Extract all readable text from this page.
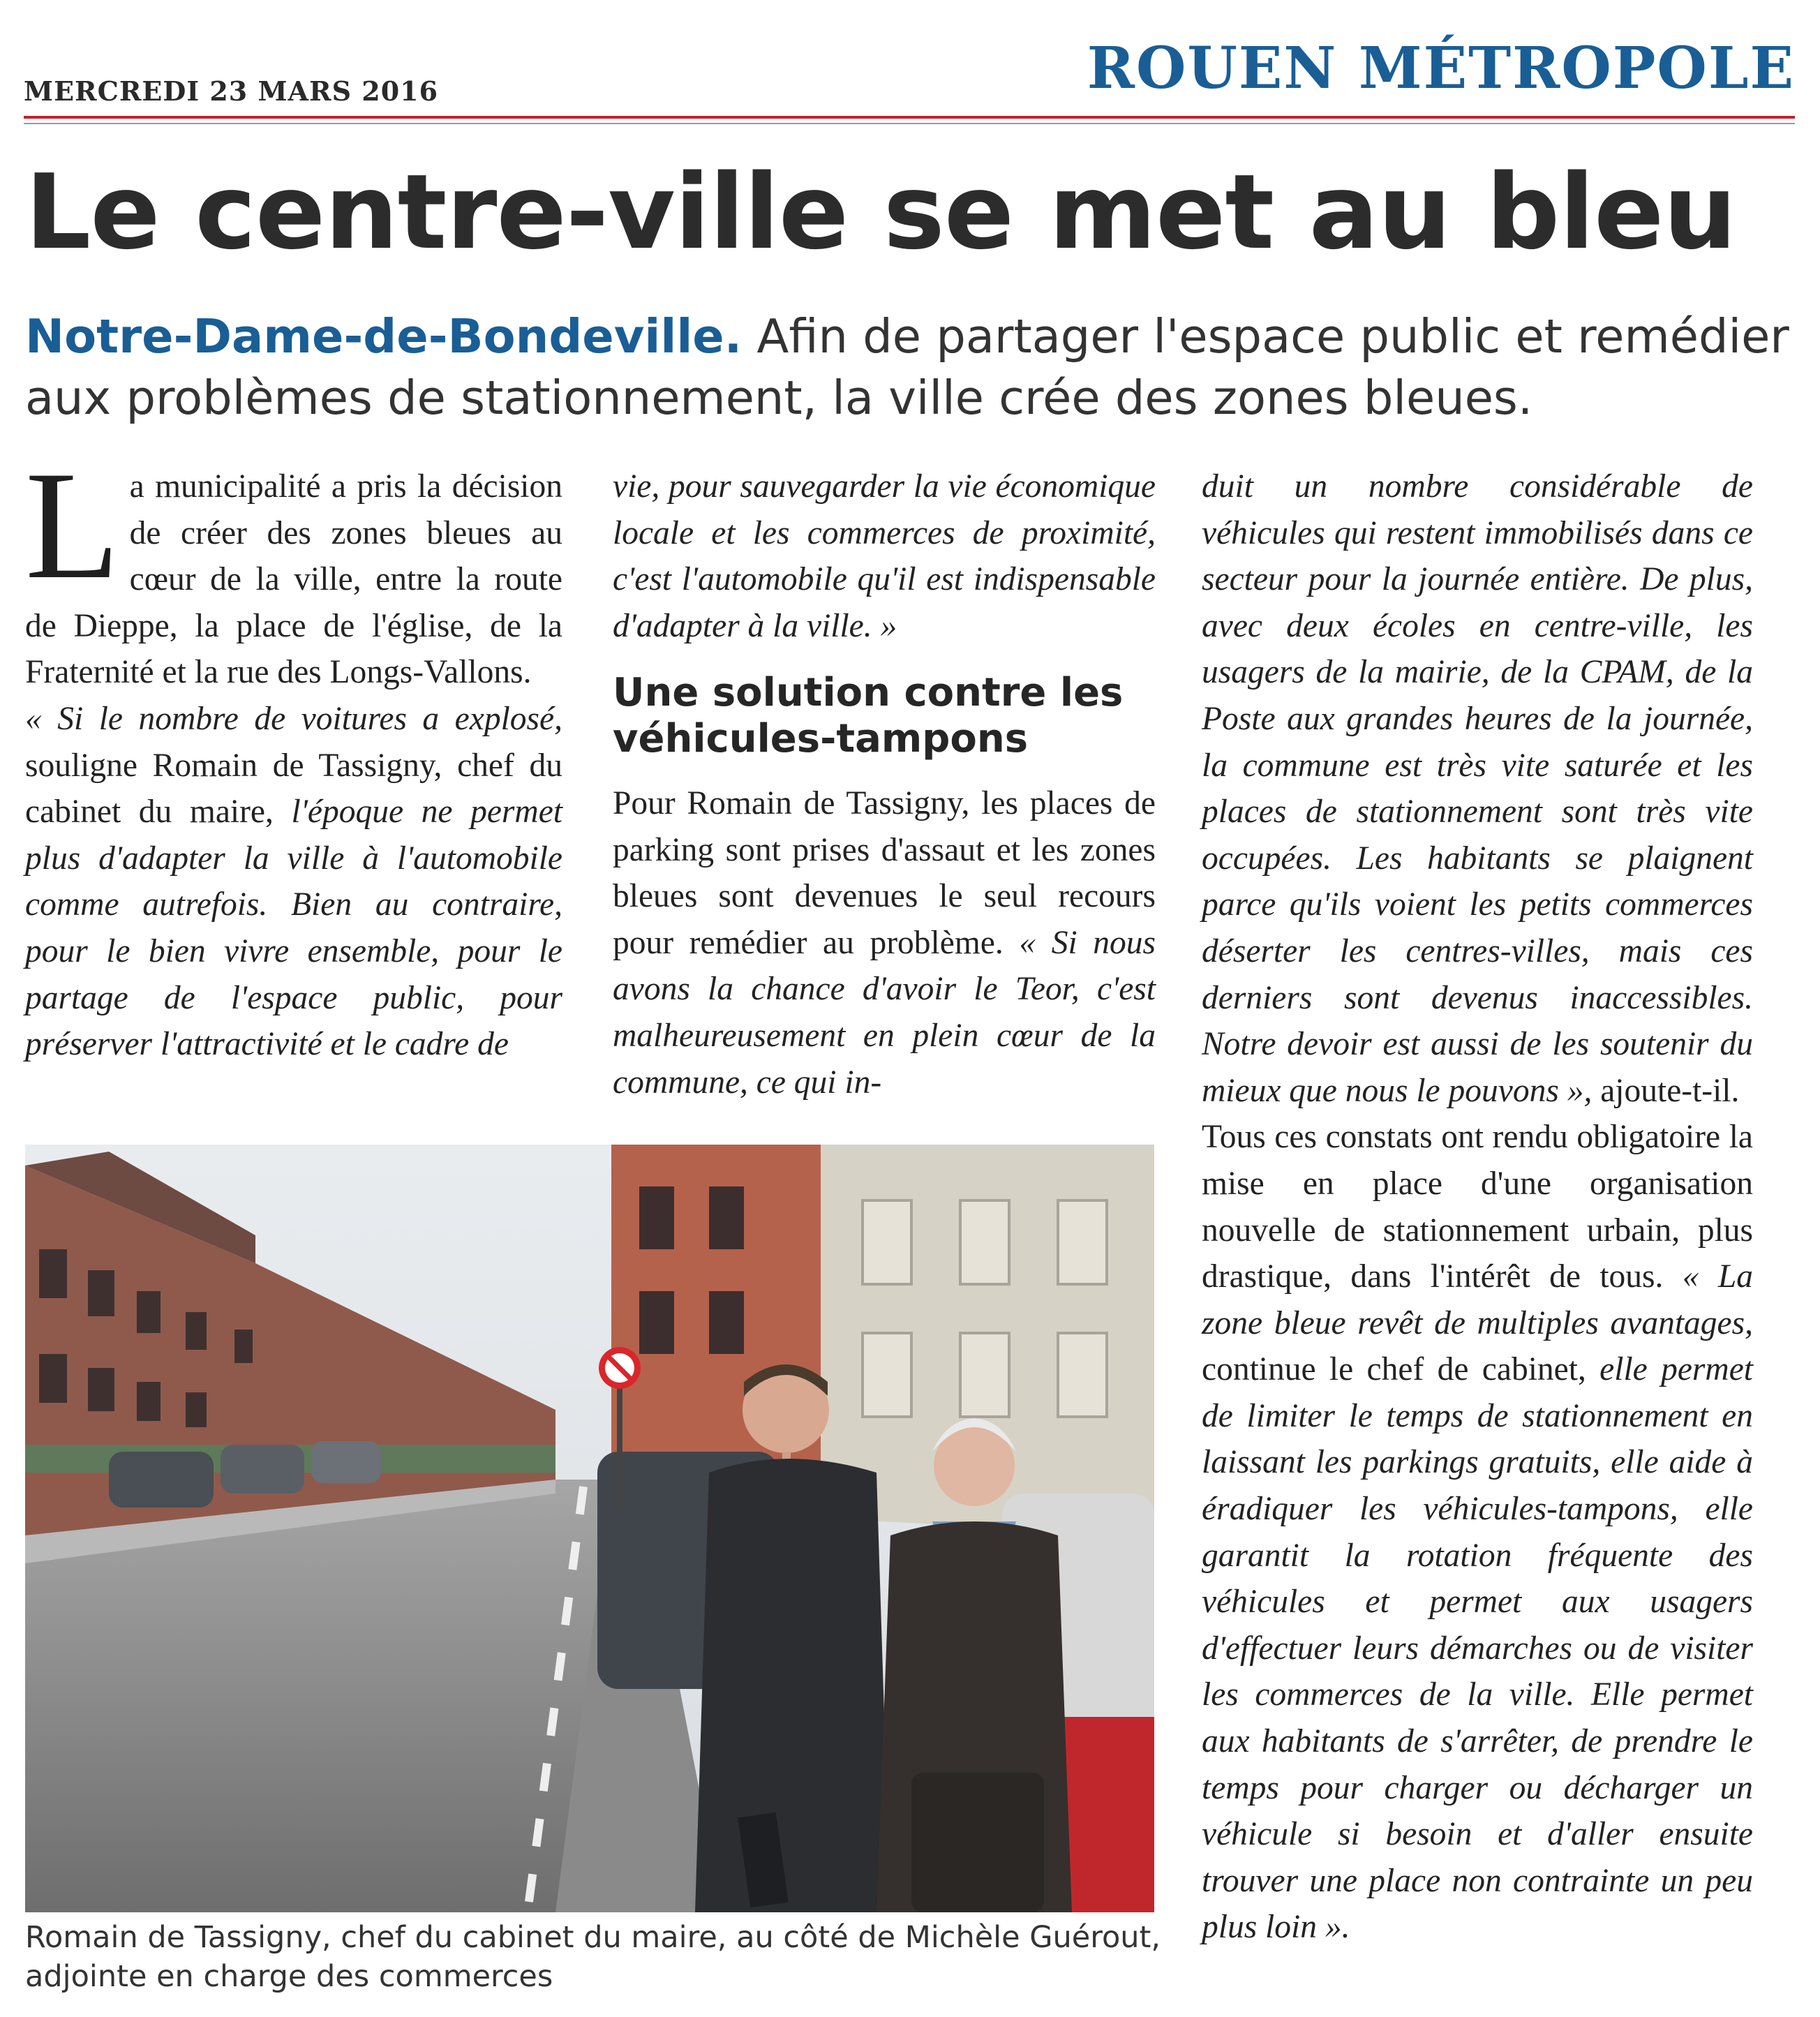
MERCREDI 23 MARS 2016	ROUEN MÉTROPOLE
Le centre-ville se met au bleu
Notre-Dame-de-Bondeville. Afin de partager l'espace public et remédier aux problèmes de stationnement, la ville crée des zones bleues.

La municipalité a pris la décision de créer des zones bleues au cœur de la ville, entre la route de Dieppe, la place de l'église, de la Fraternité et la rue des Longs-Vallons.

« Si le nombre de voitures a explosé, souligne Romain de Tassigny, chef du cabinet du maire, l'époque ne permet plus d'adapter la ville à l'automobile comme autrefois. Bien au contraire, pour le bien vivre ensemble, pour le partage de l'espace public, pour préserver l'attractivité et le cadre de

vie, pour sauvegarder la vie économique locale et les commerces de proximité, c'est l'automobile qu'il est indispensable d'adapter à la ville. »

Une solution contre les véhicules-tampons

Pour Romain de Tassigny, les places de parking sont prises d'assaut et les zones bleues sont devenues le seul recours pour remédier au problème. « Si nous avons la chance d'avoir le Teor, c'est malheureusement en plein cœur de la commune, ce qui in-

duit un nombre considérable de véhicules qui restent immobilisés dans ce secteur pour la journée entière. De plus, avec deux écoles en centre-ville, les usagers de la mairie, de la CPAM, de la Poste aux grandes heures de la journée, la commune est très vite saturée et les places de stationnement sont très vite occupées. Les habitants se plaignent parce qu'ils voient les petits commerces déserter les centres-villes, mais ces derniers sont devenus inaccessibles. Notre devoir est aussi de les soutenir du mieux que nous le pouvons », ajoute-t-il.

Tous ces constats ont rendu obligatoire la mise en place d'une organisation nouvelle de stationnement urbain, plus drastique, dans l'intérêt de tous. « La zone bleue revêt de multiples avantages, continue le chef de cabinet, elle permet de limiter le temps de stationnement en laissant les parkings gratuits, elle aide à éradiquer les véhicules-tampons, elle garantit la rotation fréquente des véhicules et permet aux usagers d'effectuer leurs démarches ou de visiter les commerces de la ville. Elle permet aux habitants de s'arrêter, de prendre le temps pour charger ou décharger un véhicule si besoin et d'aller ensuite trouver une place non contrainte un peu plus loin ».

Romain de Tassigny, chef du cabinet du maire, au côté de Michèle Guérout, adjointe en charge des commerces
